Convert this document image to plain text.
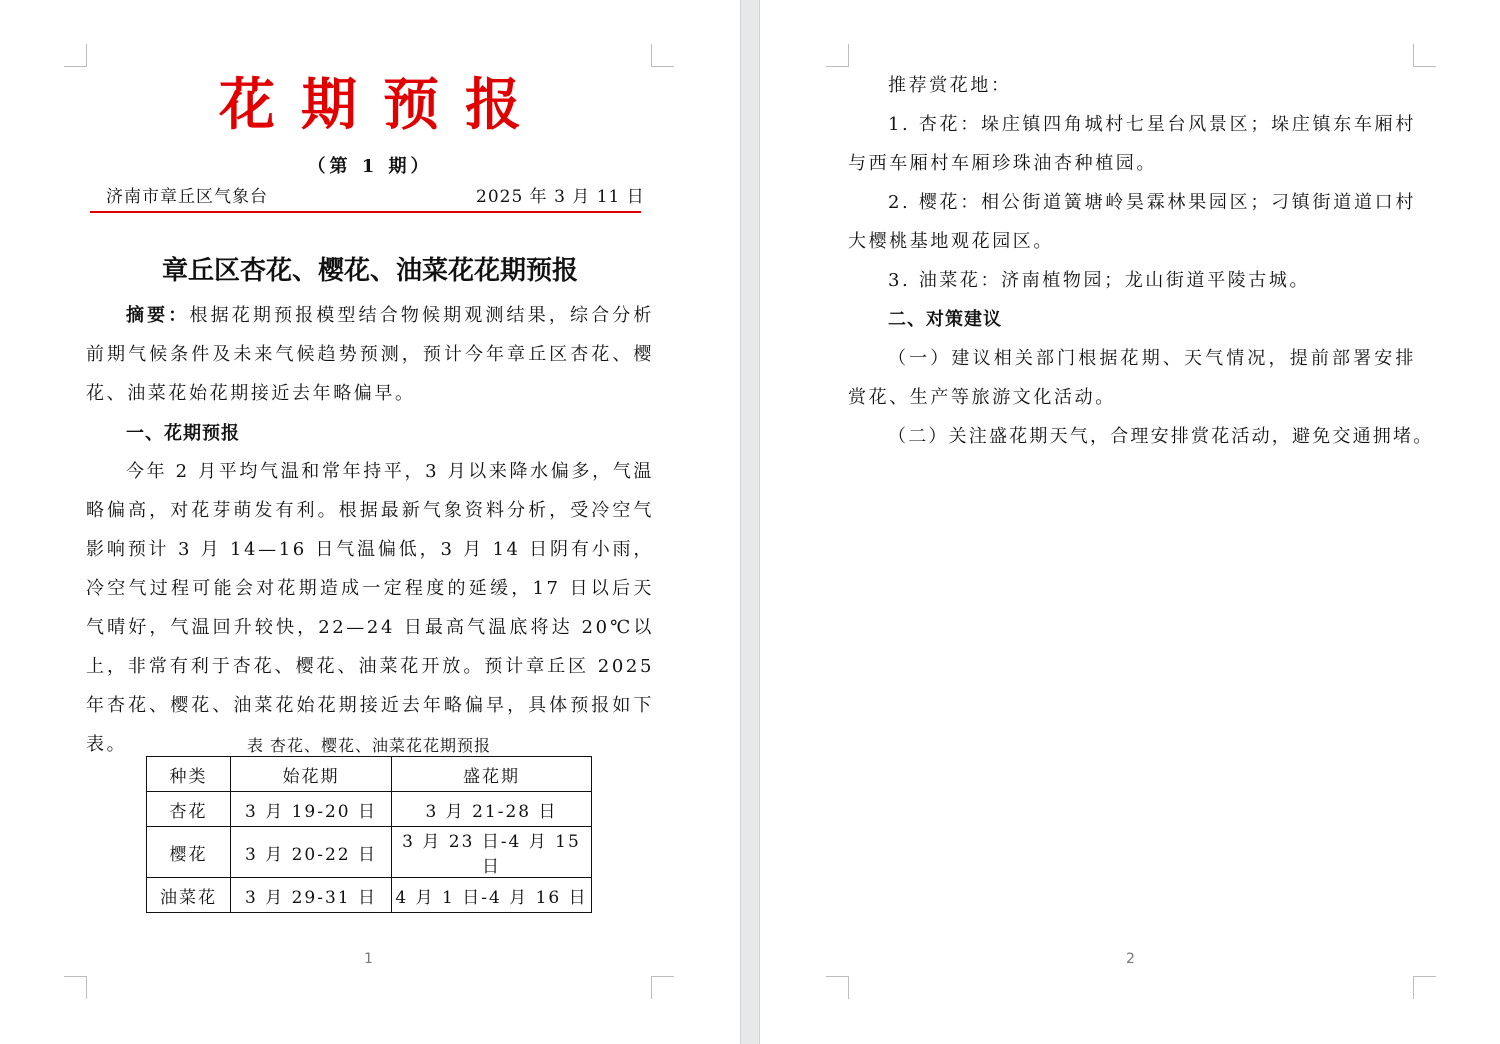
花期预报
（第 1 期）
济南市章丘区气象台	2025 年 3 月 11 日
章丘区杏花、樱花、油菜花花期预报

摘要：根据花期预报模型结合物候期观测结果，综合分析前期气候条件及未来气候趋势预测，预计今年章丘区杏花、樱花、油菜花始花期接近去年略偏早。

一、花期预报

今年 2 月平均气温和常年持平，3 月以来降水偏多，气温略偏高，对花芽萌发有利。根据最新气象资料分析，受冷空气影响预计 3 月 14—16 日气温偏低，3 月 14 日阴有小雨，冷空气过程可能会对花期造成一定程度的延缓，17 日以后天气晴好，气温回升较快，22—24 日最高气温底将达 20℃以上，非常有利于杏花、樱花、油菜花开放。预计章丘区 2025 年杏花、樱花、油菜花始花期接近去年略偏早，具体预报如下表。	表 杏花、樱花、油菜花花期预报
种类	始花期	盛花期
杏花	3 月 19-20 日	3 月 21-28 日
樱花	3 月 20-22 日	3 月 23 日-4 月 15 日
油菜花	3 月 29-31 日	4 月 1 日-4 月 16 日
1

推荐赏花地：

1. 杏花：垛庄镇四角城村七星台风景区；垛庄镇东车厢村与西车厢村车厢珍珠油杏种植园。

2. 樱花：相公街道簧塘岭昊霖林果园区；刁镇街道道口村大樱桃基地观花园区。

3. 油菜花：济南植物园；龙山街道平陵古城。

二、对策建议

（一）建议相关部门根据花期、天气情况，提前部署安排赏花、生产等旅游文化活动。

（二）关注盛花期天气，合理安排赏花活动，避免交通拥堵。

2
